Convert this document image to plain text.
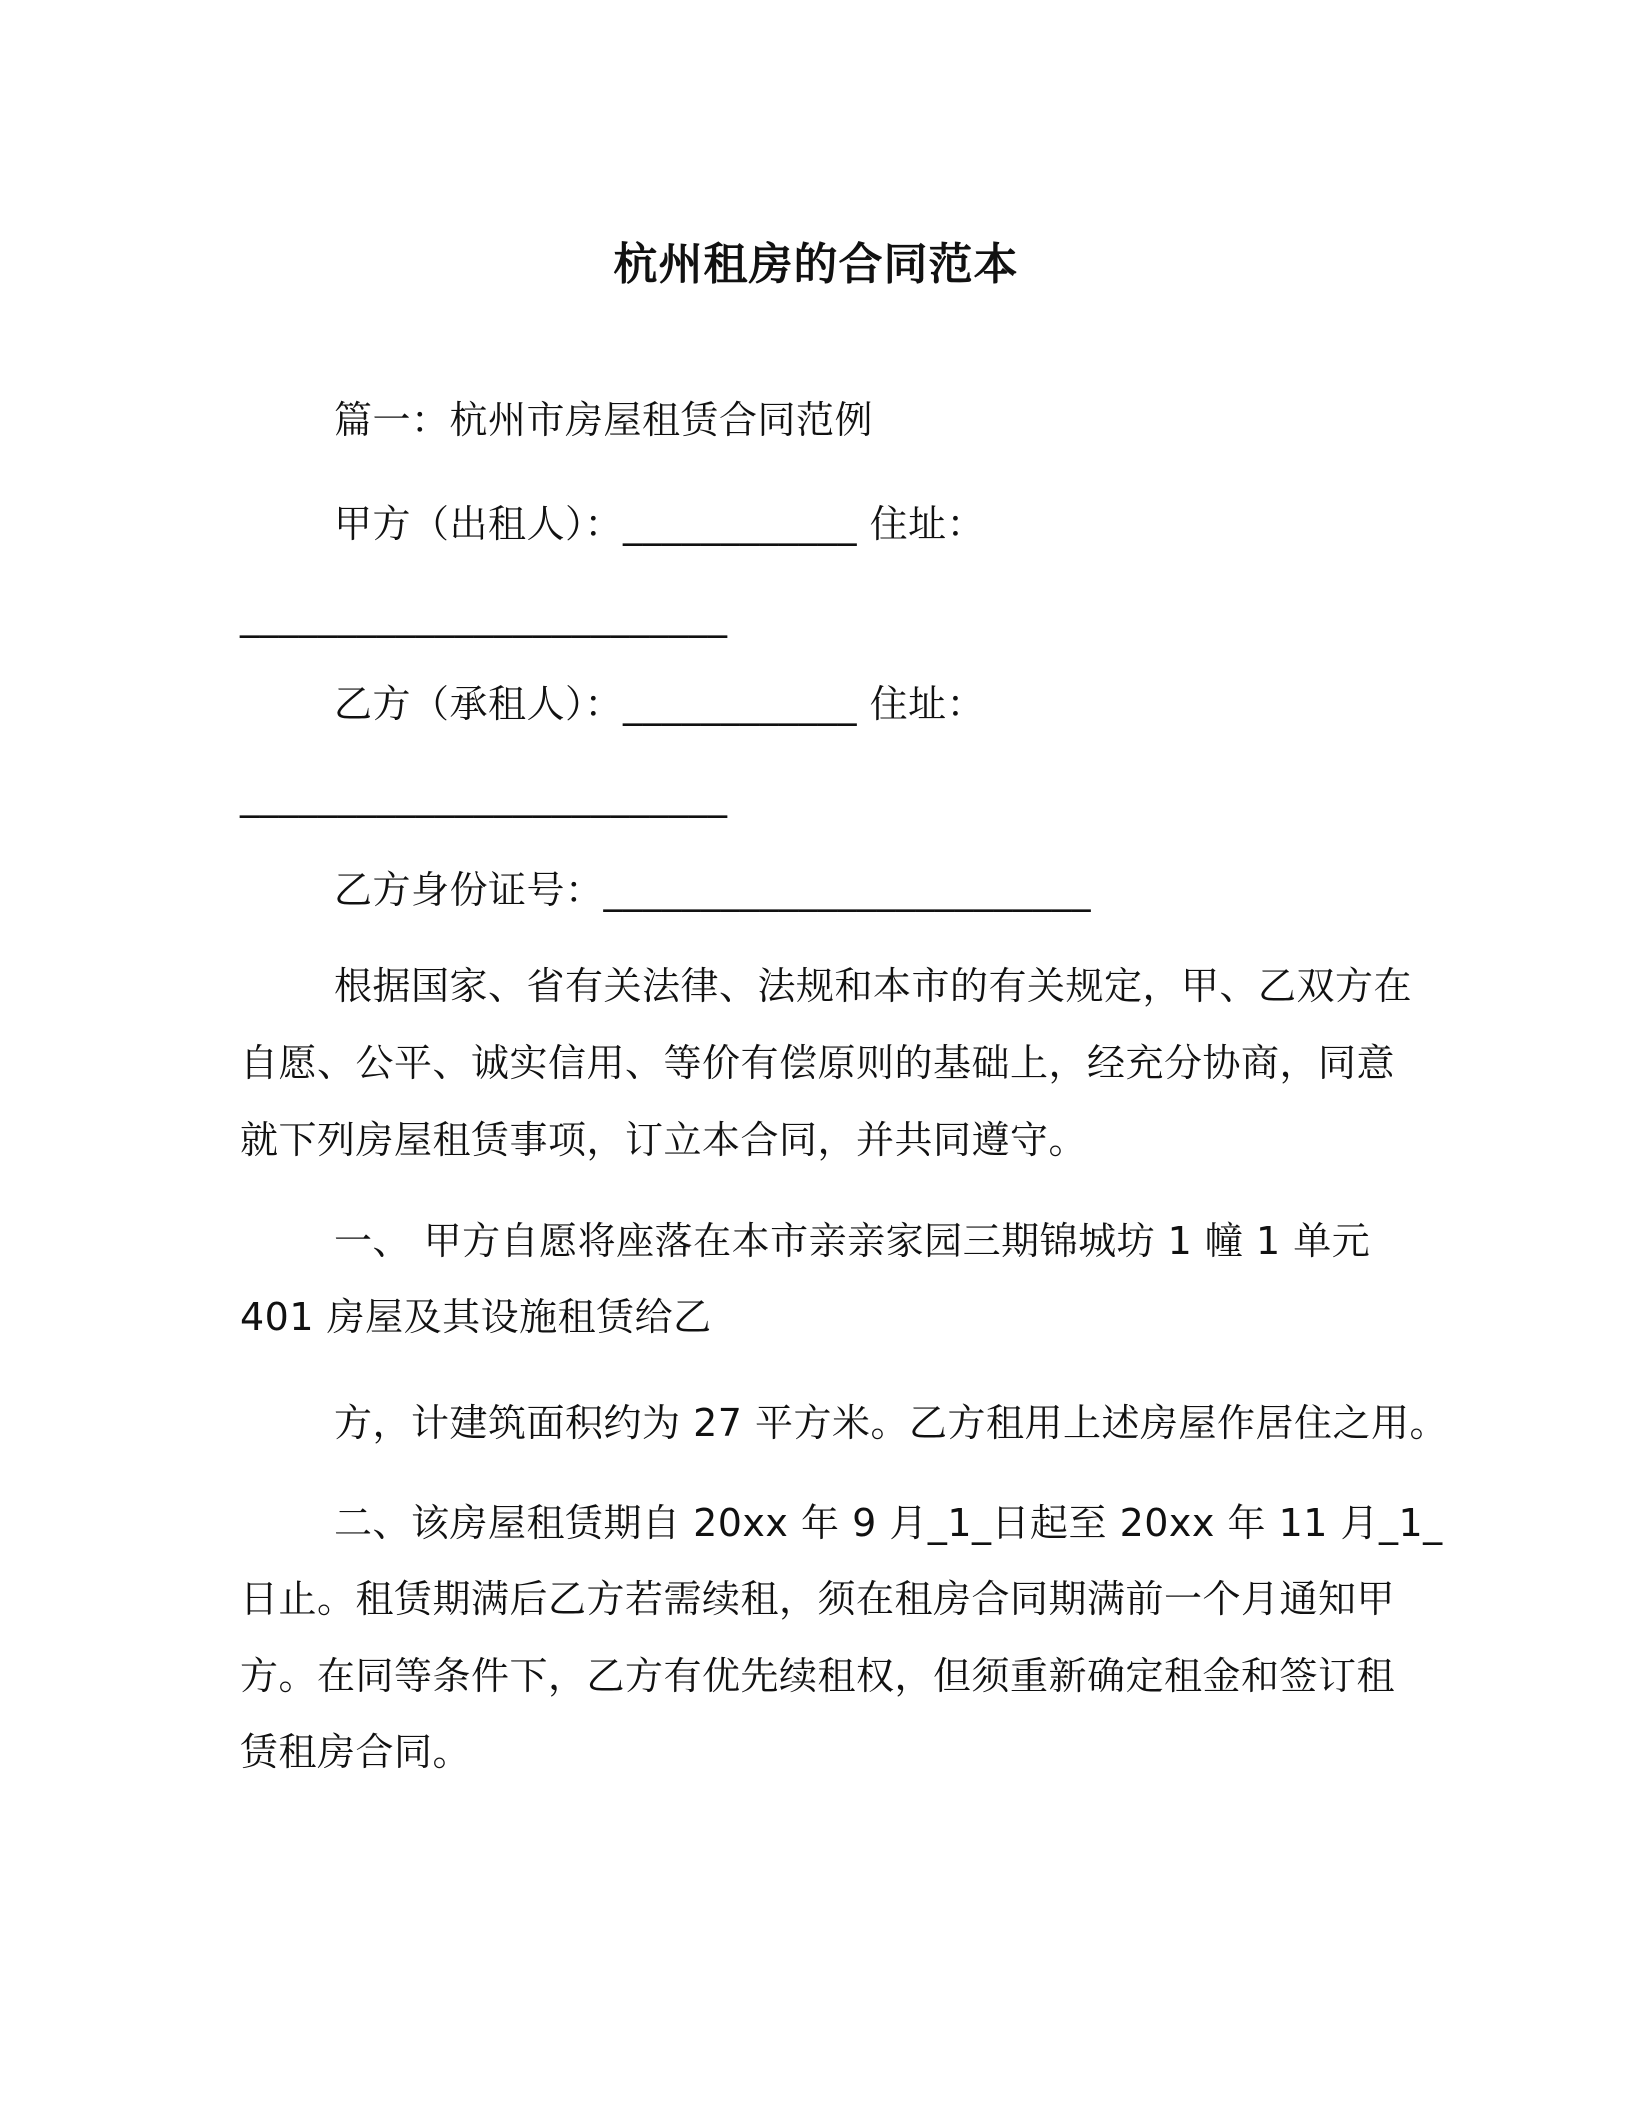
杭州租房的合同范本
篇一：杭州市房屋租赁合同范例
甲方（出租人）：____________ 住址：
_________________________
乙方（承租人）：____________ 住址：
_________________________
乙方身份证号：_________________________
根据国家、省有关法律、法规和本市的有关规定，甲、乙双方在
自愿、公平、诚实信用、等价有偿原则的基础上，经充分协商，同意
就下列房屋租赁事项，订立本合同，并共同遵守。
一、 甲方自愿将座落在本市亲亲家园三期锦城坊 1 幢 1 单元
401 房屋及其设施租赁给乙
方，计建筑面积约为 27 平方米。乙方租用上述房屋作居住之用。
二、该房屋租赁期自 20xx 年 9 月_1_日起至 20xx 年 11 月_1_
日止。租赁期满后乙方若需续租，须在租房合同期满前一个月通知甲
方。在同等条件下，乙方有优先续租权，但须重新确定租金和签订租
赁租房合同。
